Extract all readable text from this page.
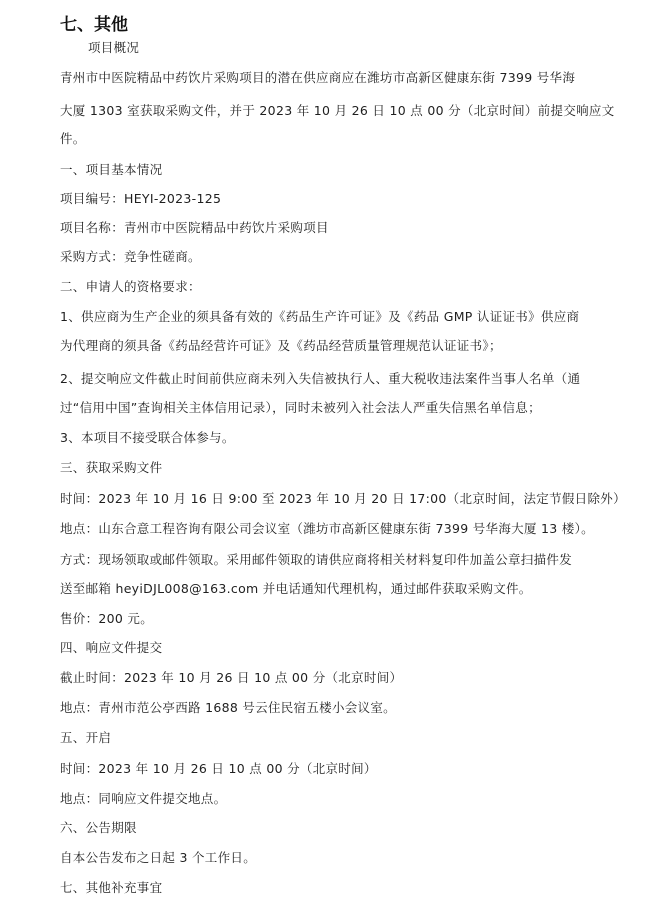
七、其他
项目概况
青州市中医院精品中药饮片采购项目的潜在供应商应在潍坊市高新区健康东街 7399 号华海
大厦 1303 室获取采购文件，并于 2023 年 10 月 26 日 10 点 00 分（北京时间）前提交响应文
件。
一、项目基本情况
项目编号：HEYI-2023-125
项目名称：青州市中医院精品中药饮片采购项目
采购方式：竞争性磋商。
二、申请人的资格要求：
1、供应商为生产企业的须具备有效的《药品生产许可证》及《药品 GMP 认证证书》供应商
为代理商的须具备《药品经营许可证》及《药品经营质量管理规范认证证书》；
2、提交响应文件截止时间前供应商未列入失信被执行人、重大税收违法案件当事人名单（通
过“信用中国”查询相关主体信用记录），同时未被列入社会法人严重失信黑名单信息；
3、本项目不接受联合体参与。
三、获取采购文件
时间：2023 年 10 月 16 日 9:00 至 2023 年 10 月 20 日 17:00（北京时间，法定节假日除外）
地点：山东合意工程咨询有限公司会议室（潍坊市高新区健康东街 7399 号华海大厦 13 楼）。
方式：现场领取或邮件领取。采用邮件领取的请供应商将相关材料复印件加盖公章扫描件发
送至邮箱 heyiDJL008@163.com 并电话通知代理机构，通过邮件获取采购文件。
售价：200 元。
四、响应文件提交
截止时间：2023 年 10 月 26 日 10 点 00 分（北京时间）
地点：青州市范公亭西路 1688 号云住民宿五楼小会议室。
五、开启
时间：2023 年 10 月 26 日 10 点 00 分（北京时间）
地点：同响应文件提交地点。
六、公告期限
自本公告发布之日起 3 个工作日。
七、其他补充事宜
